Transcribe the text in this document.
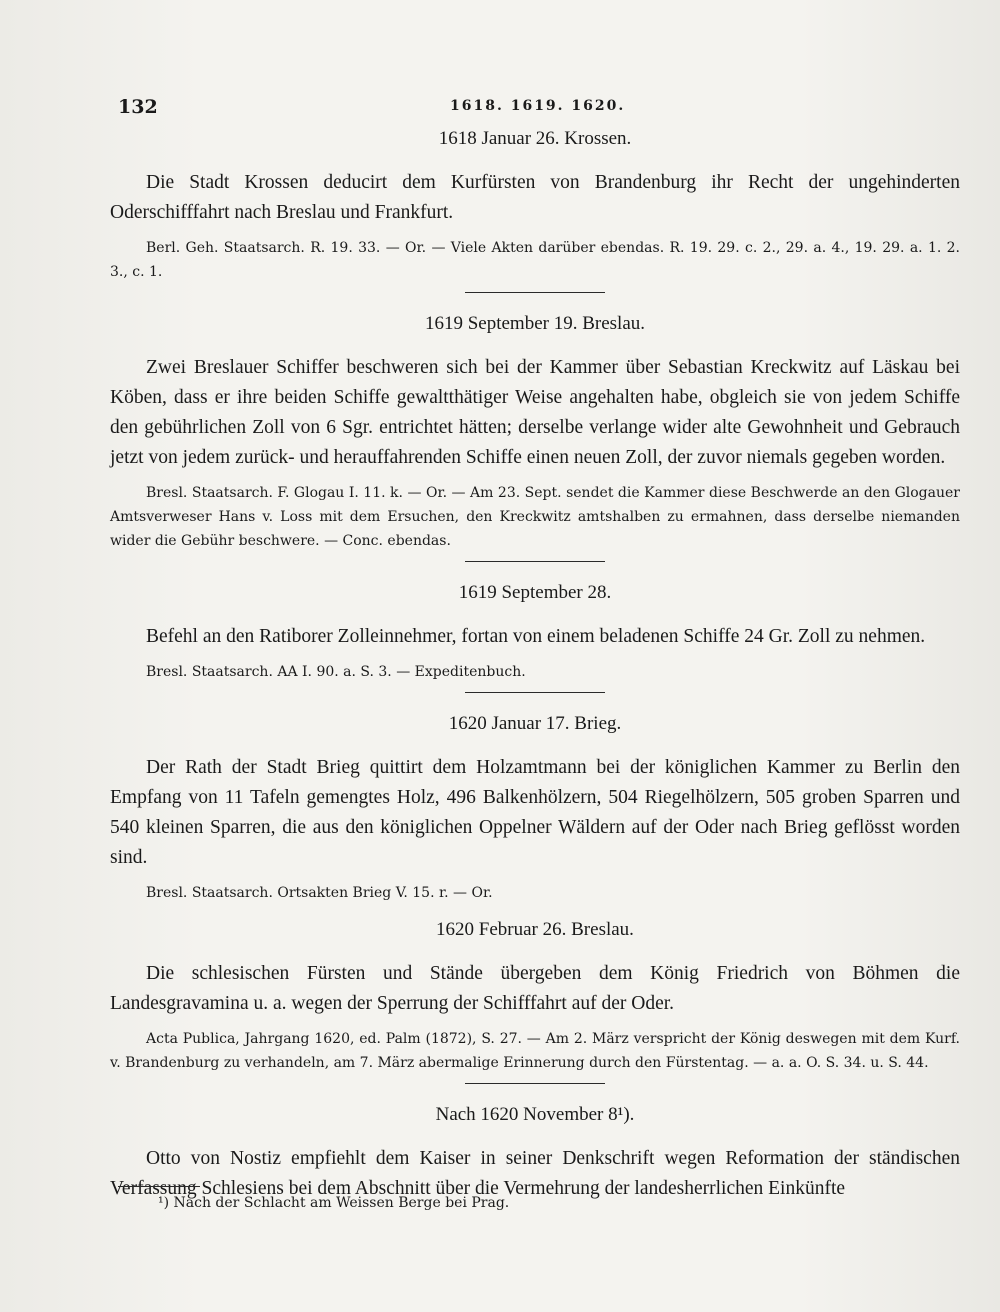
132	1618. 1619. 1620.
1618 Januar 26. Krossen.

Die Stadt Krossen deducirt dem Kurfürsten von Brandenburg ihr Recht der ungehinderten Oderschifffahrt nach Breslau und Frankfurt.

Berl. Geh. Staatsarch. R. 19. 33. — Or. — Viele Akten darüber ebendas. R. 19. 29. c. 2., 29. a. 4., 19. 29. a. 1. 2. 3., c. 1.

1619 September 19. Breslau.

Zwei Breslauer Schiffer beschweren sich bei der Kammer über Sebastian Kreckwitz auf Läskau bei Köben, dass er ihre beiden Schiffe gewaltthätiger Weise angehalten habe, obgleich sie von jedem Schiffe den gebührlichen Zoll von 6 Sgr. entrichtet hätten; derselbe verlange wider alte Gewohnheit und Gebrauch jetzt von jedem zurück- und herauffahrenden Schiffe einen neuen Zoll, der zuvor niemals gegeben worden.

Bresl. Staatsarch. F. Glogau I. 11. k. — Or. — Am 23. Sept. sendet die Kammer diese Beschwerde an den Glogauer Amtsverweser Hans v. Loss mit dem Ersuchen, den Kreckwitz amtshalben zu ermahnen, dass derselbe niemanden wider die Gebühr beschwere. — Conc. ebendas.

1619 September 28.

Befehl an den Ratiborer Zolleinnehmer, fortan von einem beladenen Schiffe 24 Gr. Zoll zu nehmen.

Bresl. Staatsarch. AA I. 90. a. S. 3. — Expeditenbuch.

1620 Januar 17. Brieg.

Der Rath der Stadt Brieg quittirt dem Holzamtmann bei der königlichen Kammer zu Berlin den Empfang von 11 Tafeln gemengtes Holz, 496 Balkenhölzern, 504 Riegelhölzern, 505 groben Sparren und 540 kleinen Sparren, die aus den königlichen Oppelner Wäldern auf der Oder nach Brieg geflösst worden sind.

Bresl. Staatsarch. Ortsakten Brieg V. 15. r. — Or.

1620 Februar 26. Breslau.

Die schlesischen Fürsten und Stände übergeben dem König Friedrich von Böhmen die Landesgravamina u. a. wegen der Sperrung der Schifffahrt auf der Oder.

Acta Publica, Jahrgang 1620, ed. Palm (1872), S. 27. — Am 2. März verspricht der König deswegen mit dem Kurf. v. Brandenburg zu verhandeln, am 7. März abermalige Erinnerung durch den Fürstentag. — a. a. O. S. 34. u. S. 44.

Nach 1620 November 8¹).

Otto von Nostiz empfiehlt dem Kaiser in seiner Denkschrift wegen Reformation der ständischen Verfassung Schlesiens bei dem Abschnitt über die Vermehrung der landesherrlichen Einkünfte

¹) Nach der Schlacht am Weissen Berge bei Prag.
